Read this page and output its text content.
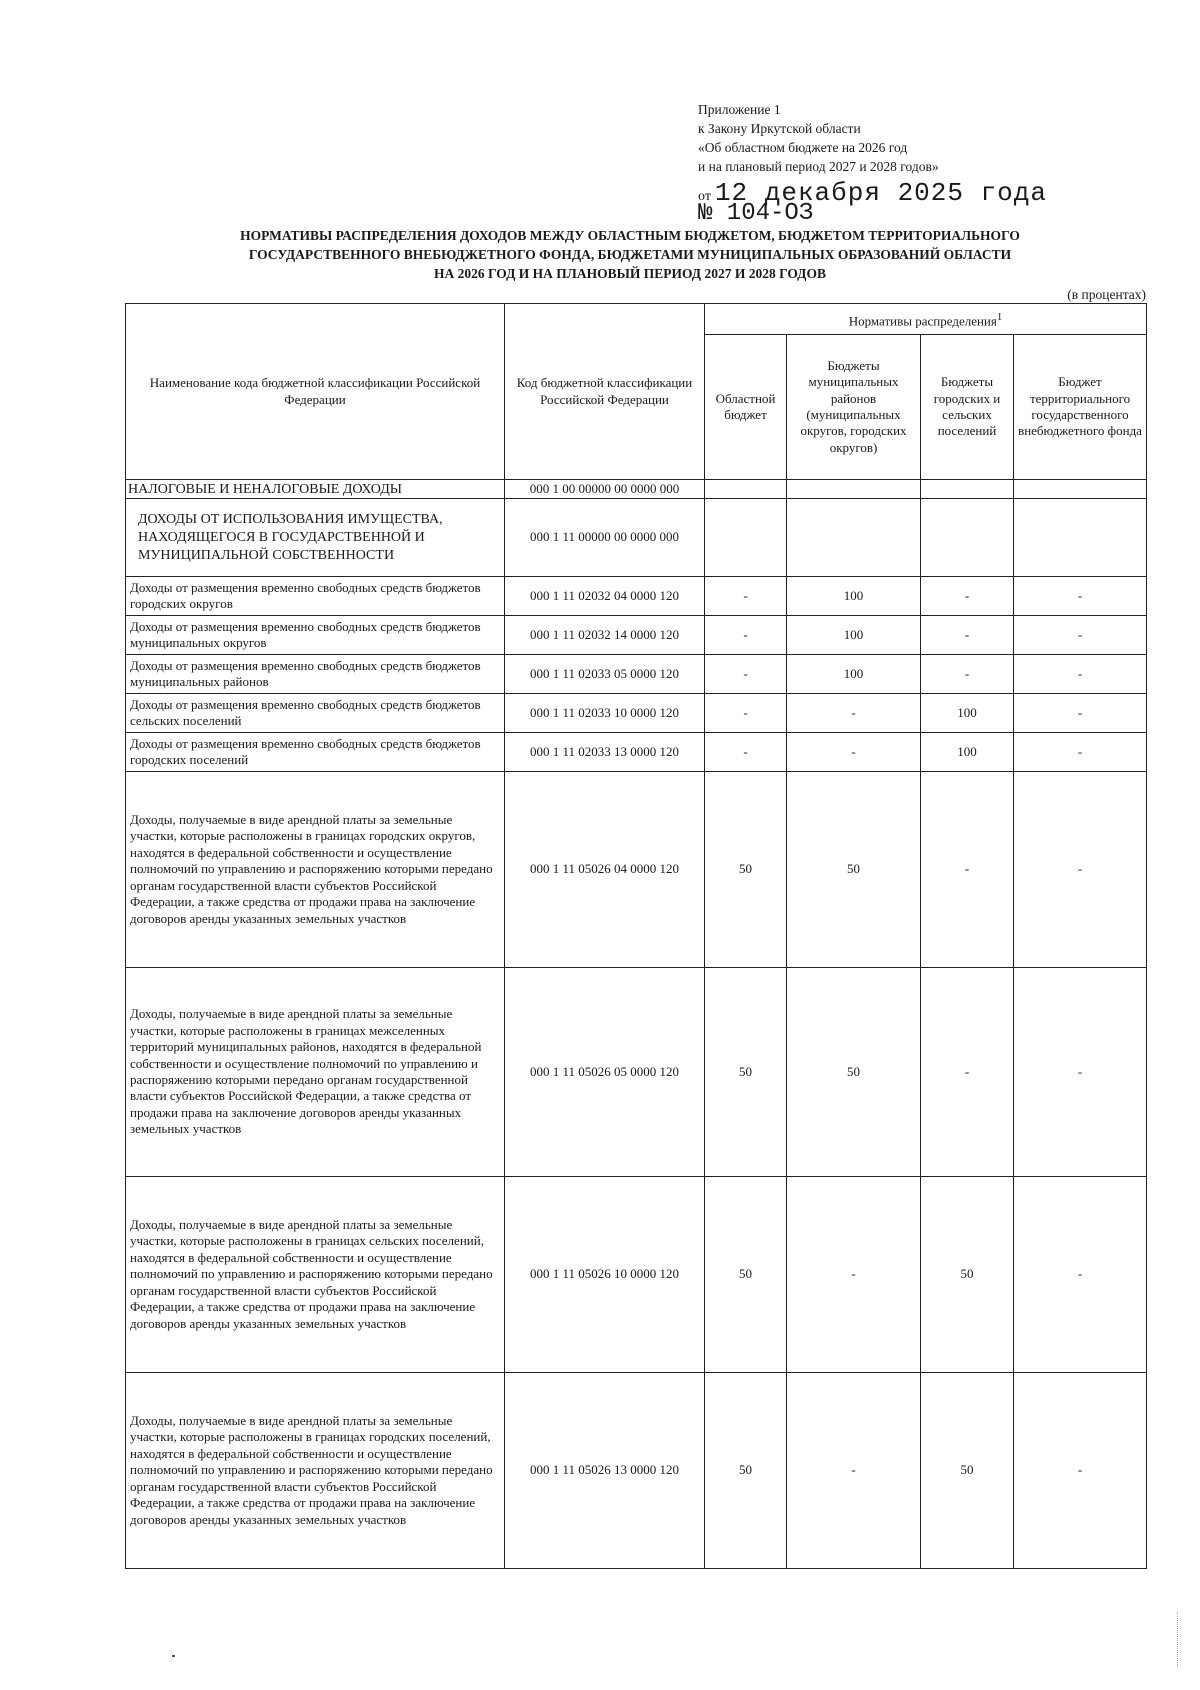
Приложение 1
к Закону Иркутской области
«Об областном бюджете на 2026 год
и на плановый период 2027 и 2028 годов»
от 12 декабря 2025 года
№ 104-ОЗ
НОРМАТИВЫ РАСПРЕДЕЛЕНИЯ ДОХОДОВ МЕЖДУ ОБЛАСТНЫМ БЮДЖЕТОМ, БЮДЖЕТОМ ТЕРРИТОРИАЛЬНОГО
ГОСУДАРСТВЕННОГО ВНЕБЮДЖЕТНОГО ФОНДА, БЮДЖЕТАМИ МУНИЦИПАЛЬНЫХ ОБРАЗОВАНИЙ ОБЛАСТИ
НА 2026 ГОД И НА ПЛАНОВЫЙ ПЕРИОД 2027 И 2028 ГОДОВ
(в процентах)
Наименование кода бюджетной классификации Российской Федерации	Код бюджетной классификации Российской Федерации	Нормативы распределения$^1$
		Областной бюджет	Бюджеты муниципальных районов (муниципальных округов, городских округов)	Бюджеты городских и сельских поселений	Бюджет территориального государственного внебюджетного фонда
НАЛОГОВЫЕ И НЕНАЛОГОВЫЕ ДОХОДЫ	000 1 00 00000 00 0000 000				
ДОХОДЫ ОТ ИСПОЛЬЗОВАНИЯ ИМУЩЕСТВА, НАХОДЯЩЕГОСЯ В ГОСУДАРСТВЕННОЙ И МУНИЦИПАЛЬНОЙ СОБСТВЕННОСТИ	000 1 11 00000 00 0000 000				
Доходы от размещения временно свободных средств бюджетов городских округов	000 1 11 02032 04 0000 120	-	100	-	-
Доходы от размещения временно свободных средств бюджетов муниципальных округов	000 1 11 02032 14 0000 120	-	100	-	-
Доходы от размещения временно свободных средств бюджетов муниципальных районов	000 1 11 02033 05 0000 120	-	100	-	-
Доходы от размещения временно свободных средств бюджетов сельских поселений	000 1 11 02033 10 0000 120	-	-	100	-
Доходы от размещения временно свободных средств бюджетов городских поселений	000 1 11 02033 13 0000 120	-	-	100	-
Доходы, получаемые в виде арендной платы за земельные участки, которые расположены в границах городских округов, находятся в федеральной собственности и осуществление полномочий по управлению и распоряжению которыми передано органам государственной власти субъектов Российской Федерации, а также средства от продажи права на заключение договоров аренды указанных земельных участков	000 1 11 05026 04 0000 120	50	50	-	-
Доходы, получаемые в виде арендной платы за земельные участки, которые расположены в границах межселенных территорий муниципальных районов, находятся в федеральной собственности и осуществление полномочий по управлению и распоряжению которыми передано органам государственной власти субъектов Российской Федерации, а также средства от продажи права на заключение договоров аренды указанных земельных участков	000 1 11 05026 05 0000 120	50	50	-	-
Доходы, получаемые в виде арендной платы за земельные участки, которые расположены в границах сельских поселений, находятся в федеральной собственности и осуществление полномочий по управлению и распоряжению которыми передано органам государственной власти субъектов Российской Федерации, а также средства от продажи права на заключение договоров аренды указанных земельных участков	000 1 11 05026 10 0000 120	50	-	50	-
Доходы, получаемые в виде арендной платы за земельные участки, которые расположены в границах городских поселений, находятся в федеральной собственности и осуществление полномочий по управлению и распоряжению которыми передано органам государственной власти субъектов Российской Федерации, а также средства от продажи права на заключение договоров аренды указанных земельных участков	000 1 11 05026 13 0000 120	50	-	50	-
